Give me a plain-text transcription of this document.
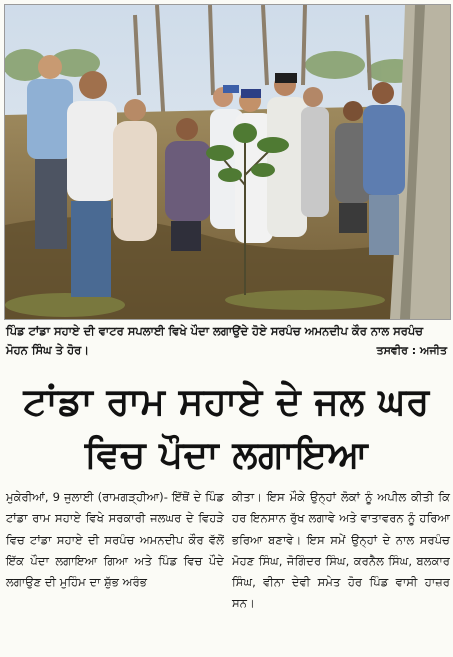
ਪਿੰਡ ਟਾਂਡਾ ਸਹਾਏ ਦੀ ਵਾਟਰ ਸਪਲਾਈ ਵਿਖੇ ਪੌਦਾ ਲਗਾਉਂਦੇ ਹੋਏ ਸਰਪੰਚ ਅਮਨਦੀਪ ਕੌਰ ਨਾਲ ਸਰਪੰਚ ਮੋਹਨ ਸਿੰਘ ਤੇ ਹੋਰ।	ਤਸਵੀਰ : ਅਜੀਤ
ਟਾਂਡਾ ਰਾਮ ਸਹਾਏ ਦੇ ਜਲ ਘਰ
ਵਿਚ ਪੌਦਾ ਲਗਾਇਆ
ਮੁਕੇਰੀਆਂ, 9 ਜੁਲਾਈ (ਰਾਮਗੜ੍ਹੀਆ)- ਇੱਥੋਂ ਦੇ ਪਿੰਡ ਟਾਂਡਾ ਰਾਮ ਸਹਾਏ ਵਿਖੇ ਸਰਕਾਰੀ ਜਲਘਰ ਦੇ ਵਿਹੜੇ ਵਿਚ ਟਾਂਡਾ ਸਹਾਏ ਦੀ ਸਰਪੰਚ ਅਮਨਦੀਪ ਕੌਰ ਵੱਲੋਂ ਇੱਕ ਪੌਦਾ ਲਗਾਇਆ ਗਿਆ ਅਤੇ ਪਿੰਡ ਵਿਚ ਪੌਦੇ ਲਗਾਉਣ ਦੀ ਮੁਹਿੰਮ ਦਾ ਸ਼ੁੱਭ ਅਰੰਭ
ਕੀਤਾ। ਇਸ ਮੌਕੇ ਉਨ੍ਹਾਂ ਲੋਕਾਂ ਨੂੰ ਅਪੀਲ ਕੀਤੀ ਕਿ ਹਰ ਇਨਸਾਨ ਰੁੱਖ ਲਗਾਵੇ ਅਤੇ ਵਾਤਾਵਰਨ ਨੂੰ ਹਰਿਆ ਭਰਿਆ ਬਣਾਵੇ। ਇਸ ਸਮੇਂ ਉਨ੍ਹਾਂ ਦੇ ਨਾਲ ਸਰਪੰਚ ਮੋਹਣ ਸਿੰਘ, ਜੋਗਿੰਦਰ ਸਿੰਘ, ਕਰਨੈਲ ਸਿੰਘ, ਬਲਕਾਰ ਸਿੰਘ, ਵੀਨਾ ਦੇਵੀ ਸਮੇਤ ਹੋਰ ਪਿੰਡ ਵਾਸੀ ਹਾਜ਼ਰ ਸਨ।
